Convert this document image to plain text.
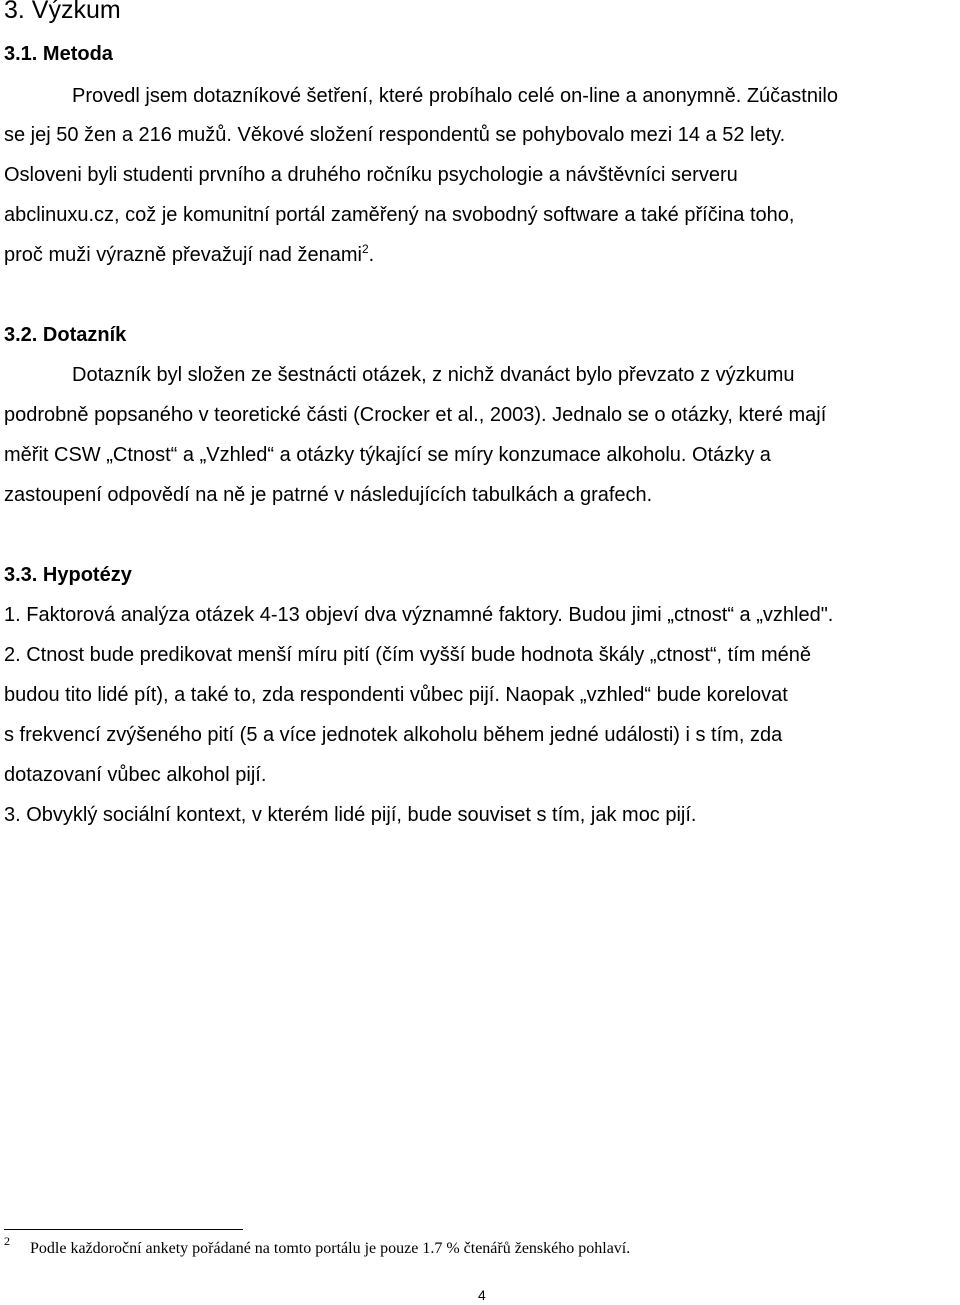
3. Výzkum
3.1. Metoda
Provedl jsem dotazníkové šetření, které probíhalo celé on-line a anonymně. Zúčastnilo
se jej 50 žen a 216 mužů. Věkové složení respondentů se pohybovalo mezi 14 a 52 lety.
Osloveni byli studenti prvního a druhého ročníku psychologie a návštěvníci serveru
abclinuxu.cz, což je komunitní portál zaměřený na svobodný software a také příčina toho,
proč muži výrazně převažují nad ženami$^2$.
3.2. Dotazník
Dotazník byl složen ze šestnácti otázek, z nichž dvanáct bylo převzato z výzkumu
podrobně popsaného v teoretické části (Crocker et al., 2003). Jednalo se o otázky, které mají
měřit CSW „Ctnost“ a „Vzhled“ a otázky týkající se míry konzumace alkoholu. Otázky a
zastoupení odpovědí na ně je patrné v následujících tabulkách a grafech.
3.3. Hypotézy
1. Faktorová analýza otázek 4-13 objeví dva významné faktory. Budou jimi „ctnost“ a „vzhled".
2. Ctnost bude predikovat menší míru pití (čím vyšší bude hodnota škály „ctnost“, tím méně
budou tito lidé pít), a také to, zda respondenti vůbec pijí. Naopak „vzhled“ bude korelovat
s frekvencí zvýšeného pití (5 a více jednotek alkoholu během jedné události) i s tím, zda
dotazovaní vůbec alkohol pijí.
3. Obvyklý sociální kontext, v kterém lidé pijí, bude souviset s tím, jak moc pijí.
2 Podle každoroční ankety pořádané na tomto portálu je pouze 1.7 % čtenářů ženského pohlaví.
4
